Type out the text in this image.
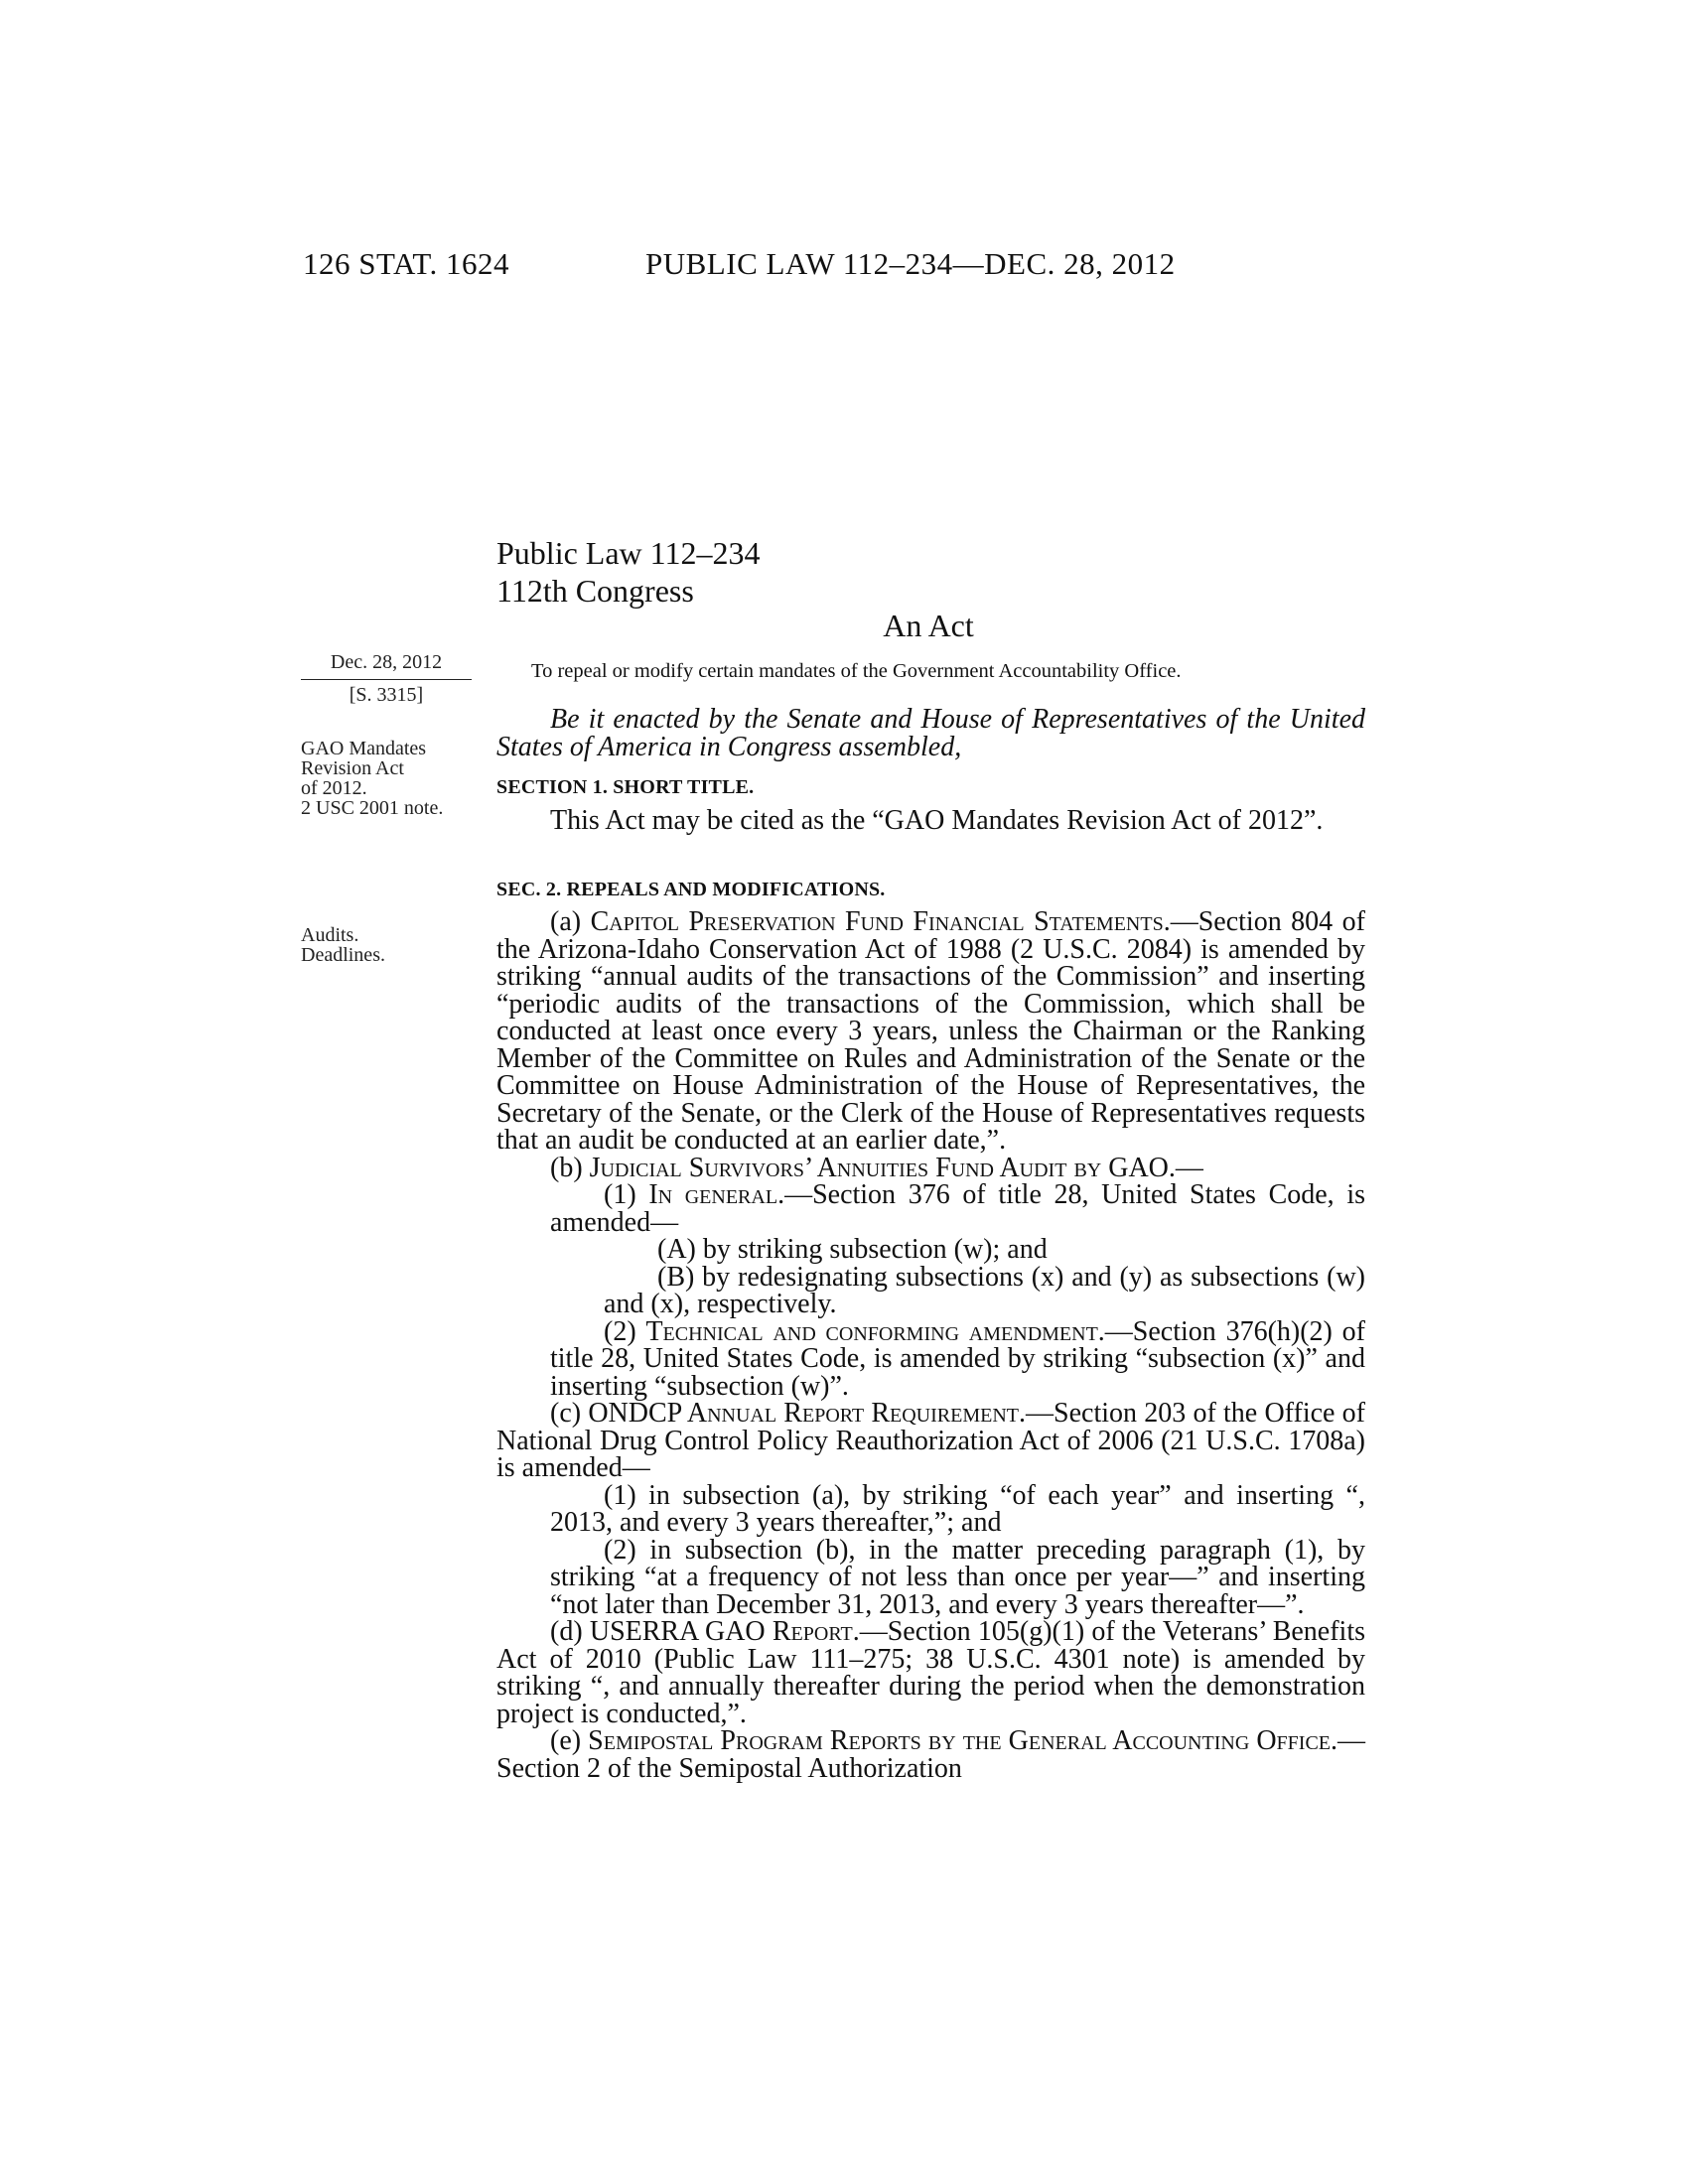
126 STAT. 1624	PUBLIC LAW 112–234—DEC. 28, 2012
Public Law 112–234
112th Congress
An Act
Dec. 28, 2012
[S. 3315]
GAO Mandates
Revision Act
of 2012.
2 USC 2001 note.
Audits.
Deadlines.
To repeal or modify certain mandates of the Government Accountability Office.
Be it enacted by the Senate and House of Representatives of the United States of America in Congress assembled,
SECTION 1. SHORT TITLE.
This Act may be cited as the “GAO Mandates Revision Act of 2012”.
SEC. 2. REPEALS AND MODIFICATIONS.

(a) Capitol Preservation Fund Financial Statements.—Section 804 of the Arizona-Idaho Conservation Act of 1988 (2 U.S.C. 2084) is amended by striking “annual audits of the transactions of the Commission” and inserting “periodic audits of the transactions of the Commission, which shall be conducted at least once every 3 years, unless the Chairman or the Ranking Member of the Committee on Rules and Administration of the Senate or the Committee on House Administration of the House of Representatives, the Secretary of the Senate, or the Clerk of the House of Representatives requests that an audit be conducted at an earlier date,”.

(b) Judicial Survivors’ Annuities Fund Audit by GAO.—

(1) In general.—Section 376 of title 28, United States Code, is amended—

(A) by striking subsection (w); and

(B) by redesignating subsections (x) and (y) as subsections (w) and (x), respectively.

(2) Technical and conforming amendment.—Section 376(h)(2) of title 28, United States Code, is amended by striking “subsection (x)” and inserting “subsection (w)”.

(c) ONDCP Annual Report Requirement.—Section 203 of the Office of National Drug Control Policy Reauthorization Act of 2006 (21 U.S.C. 1708a) is amended—

(1) in subsection (a), by striking “of each year” and inserting “, 2013, and every 3 years thereafter,”; and

(2) in subsection (b), in the matter preceding paragraph (1), by striking “at a frequency of not less than once per year—” and inserting “not later than December 31, 2013, and every 3 years thereafter—”.

(d) USERRA GAO Report.—Section 105(g)(1) of the Veterans’ Benefits Act of 2010 (Public Law 111–275; 38 U.S.C. 4301 note) is amended by striking “, and annually thereafter during the period when the demonstration project is conducted,”.

(e) Semipostal Program Reports by the General Accounting Office.—Section 2 of the Semipostal Authorization
